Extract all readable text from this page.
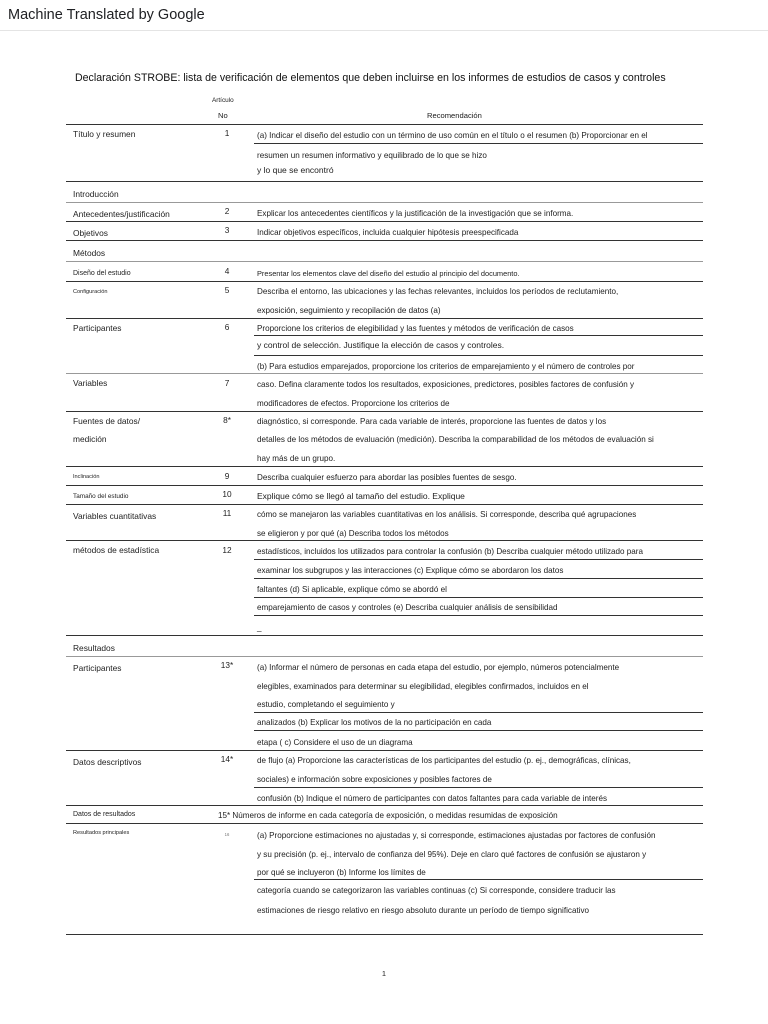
Machine Translated by Google
Declaración STROBE: lista de verificación de elementos que deben incluirse en los informes de estudios de casos y controles
Artículo
No	Recomendación
Título y resumen	1	(a) Indicar el diseño del estudio con un término de uso común en el título o el resumen (b) Proporcionar en el
resumen un resumen informativo y equilibrado de lo que se hizo
y lo que se encontró
Introducción
Antecedentes/justificación	2	Explicar los antecedentes científicos y la justificación de la investigación que se informa.
Objetivos	3	Indicar objetivos específicos, incluida cualquier hipótesis preespecificada
Métodos
Diseño del estudio	4	Presentar los elementos clave del diseño del estudio al principio del documento.
Configuración	5	Describa el entorno, las ubicaciones y las fechas relevantes, incluidos los períodos de reclutamiento,
exposición, seguimiento y recopilación de datos (a)
Participantes	6	Proporcione los criterios de elegibilidad y las fuentes y métodos de verificación de casos
y control de selección. Justifique la elección de casos y controles.
(b) Para estudios emparejados, proporcione los criterios de emparejamiento y el número de controles por
Variables	7	caso. Defina claramente todos los resultados, exposiciones, predictores, posibles factores de confusión y
modificadores de efectos. Proporcione los criterios de
Fuentes de datos/
medición
8*	diagnóstico, si corresponde. Para cada variable de interés, proporcione las fuentes de datos y los
detalles de los métodos de evaluación (medición). Describa la comparabilidad de los métodos de evaluación si
hay más de un grupo.
Inclinación	9	Describa cualquier esfuerzo para abordar las posibles fuentes de sesgo.
Tamaño del estudio	10	Explique cómo se llegó al tamaño del estudio. Explique
Variables cuantitativas	11	cómo se manejaron las variables cuantitativas en los análisis. Si corresponde, describa qué agrupaciones
se eligieron y por qué (a) Describa todos los métodos
métodos de estadística	12	estadísticos, incluidos los utilizados para controlar la confusión (b) Describa cualquier método utilizado para
examinar los subgrupos y las interacciones (c) Explique cómo se abordaron los datos
faltantes (d) Si aplicable, explique cómo se abordó el
emparejamiento de casos y controles (e) Describa cualquier análisis de sensibilidad
_
Resultados
Participantes	13*	(a) Informar el número de personas en cada etapa del estudio, por ejemplo, números potencialmente
elegibles, examinados para determinar su elegibilidad, elegibles confirmados, incluidos en el
estudio, completando el seguimiento y
analizados (b) Explicar los motivos de la no participación en cada
etapa ( c) Considere el uso de un diagrama
Datos descriptivos	14*	de flujo (a) Proporcione las características de los participantes del estudio (p. ej., demográficas, clínicas,
sociales) e información sobre exposiciones y posibles factores de
confusión (b) Indique el número de participantes con datos faltantes para cada variable de interés
Datos de resultados	15* Números de informe en cada categoría de exposición, o medidas resumidas de exposición
Resultados principales	16	(a) Proporcione estimaciones no ajustadas y, si corresponde, estimaciones ajustadas por factores de confusión
y su precisión (p. ej., intervalo de confianza del 95%). Deje en claro qué factores de confusión se ajustaron y
por qué se incluyeron (b) Informe los límites de
categoría cuando se categorizaron las variables continuas (c) Si corresponde, considere traducir las
estimaciones de riesgo relativo en riesgo absoluto durante un período de tiempo significativo
1
